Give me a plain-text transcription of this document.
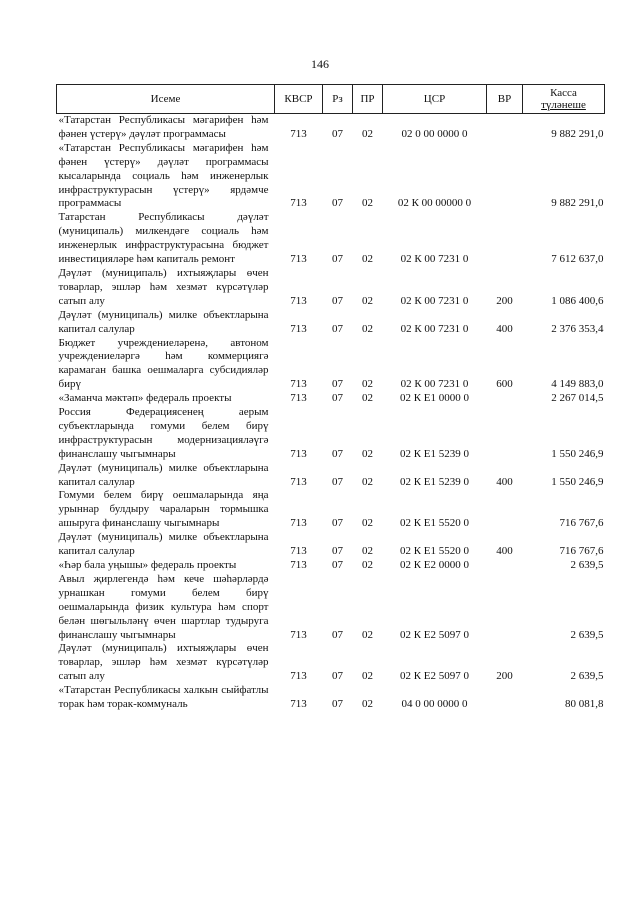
146
Исеме	КВСР	Рз	ПР	ЦСР	ВР	Касса
түләнеше

«Татарстан Республикасы мәгарифен һәм фәнен үстерү» дәүләт программасы	713	07	02	02 0 00 0000 0		9 882 291,0
«Татарстан Республикасы мәгарифен һәм фәнен үстерү» дәүләт программасы кысаларында социаль һәм инженерлык инфраструктурасын үстерү» ярдәмче программасы	713	07	02	02 К 00 00000 0		9 882 291,0
Татарстан Республикасы дәүләт (муниципаль) милкендәге социаль һәм инженерлык инфраструктурасына бюджет инвестицияләре һәм капиталь ремонт	713	07	02	02 К 00 7231 0		7 612 637,0
Дәүләт (муниципаль) ихтыяҗлары өчен товарлар, эшләр һәм хезмәт күрсәтүләр сатып алу	713	07	02	02 К 00 7231 0	200	1 086 400,6
Дәүләт (муниципаль) милке объектларына капитал салулар	713	07	02	02 К 00 7231 0	400	2 376 353,4
Бюджет учреждениеләренә, автоном учреждениеләргә һәм коммерциягә карамаган башка оешмаларга субсидияләр бирү	713	07	02	02 К 00 7231 0	600	4 149 883,0
«Заманча мәктәп» федераль проекты	713	07	02	02 К Е1 0000 0		2 267 014,5
Россия Федерациясенең аерым субъектларында гомуми белем бирү инфраструктурасын модернизацияләүгә финанслашу чыгымнары	713	07	02	02 К Е1 5239 0		1 550 246,9
Дәүләт (муниципаль) милке объектларына капитал салулар	713	07	02	02 К Е1 5239 0	400	1 550 246,9
Гомуми белем бирү оешмаларында яңа урыннар булдыру чараларын тормышка ашыруга финанслашу чыгымнары	713	07	02	02 К Е1 5520 0		716 767,6
Дәүләт (муниципаль) милке объектларына капитал салулар	713	07	02	02 К Е1 5520 0	400	716 767,6
«Һәр бала уңышы» федераль проекты	713	07	02	02 К Е2 0000 0		2 639,5
Авыл җирлегендә һәм кече шәһәрләрдә урнашкан гомуми белем бирү оешмаларында физик культура һәм спорт белән шөгыльләнү өчен шартлар тудыруга финанслашу чыгымнары	713	07	02	02 К Е2 5097 0		2 639,5
Дәүләт (муниципаль) ихтыяҗлары өчен товарлар, эшләр һәм хезмәт күрсәтүләр сатып алу	713	07	02	02 К Е2 5097 0	200	2 639,5
«Татарстан Республикасы халкын сыйфатлы торак һәм торак-коммуналь	713	07	02	04 0 00 0000 0		80 081,8
